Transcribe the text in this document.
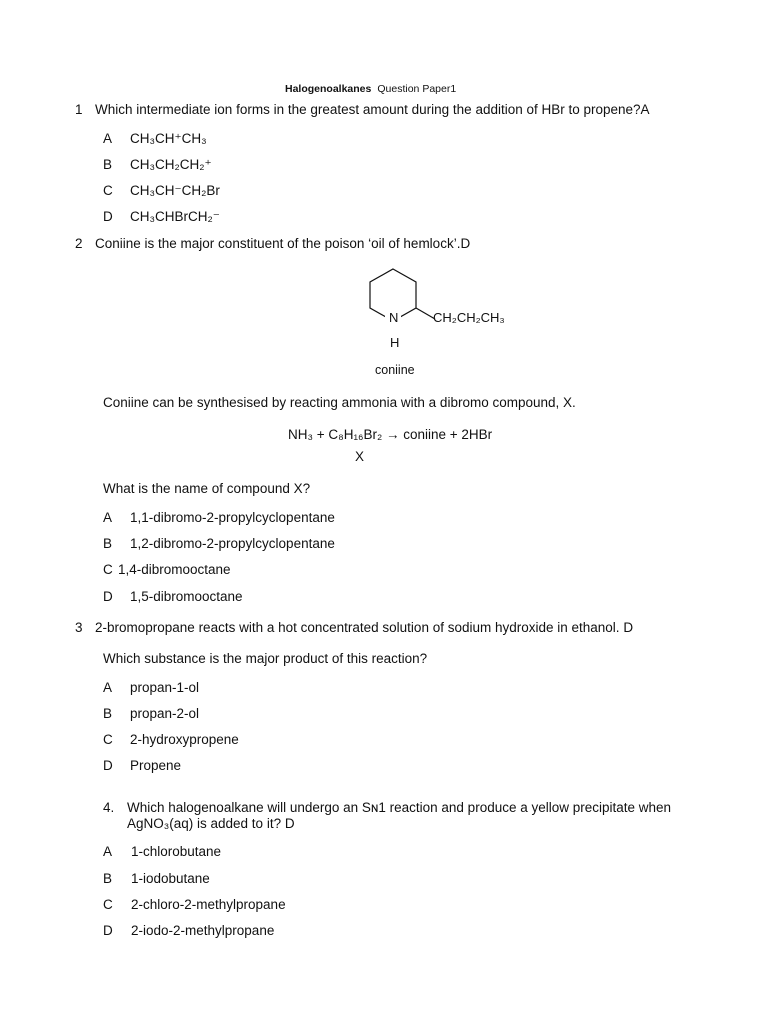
Halogenoalkanes Question Paper1
1 Which intermediate ion forms in the greatest amount during the addition of HBr to propene?A
A CH₃CH⁺CH₃
B CH₃CH₂CH₂⁺
C CH₃CH⁻CH₂Br
D CH₃CHBrCH₂⁻
2 Coniine is the major constituent of the poison ‘oil of hemlock’.D
N	CH₂CH₂CH₃
H
coniine
Coniine can be synthesised by reacting ammonia with a dibromo compound, X.
NH₃ + C₈H₁₆Br₂ → coniine + 2HBr
X
What is the name of compound X?
A 1,1-dibromo-2-propylcyclopentane
B 1,2-dibromo-2-propylcyclopentane
C 1,4-dibromooctane
D 1,5-dibromooctane
3 2-bromopropane reacts with a hot concentrated solution of sodium hydroxide in ethanol. D
Which substance is the major product of this reaction?
A propan-1-ol
B propan-2-ol
C 2-hydroxypropene
D Propene
4. Which halogenoalkane will undergo an Sɴ1 reaction and produce a yellow precipitate when
AgNO₃(aq) is added to it? D
A 1-chlorobutane
B 1-iodobutane
C 2-chloro-2-methylpropane
D 2-iodo-2-methylpropane
